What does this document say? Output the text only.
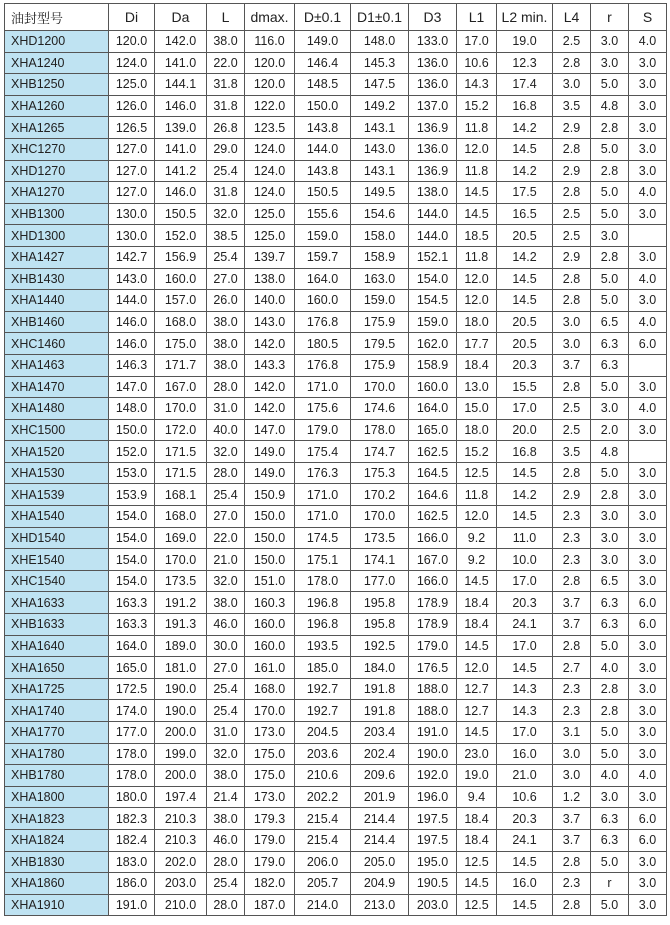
油封型号	Di	Da	L	dmax.	D±0.1	D1±0.1	D3	L1	L2 min.	L4	r	S
XHD1200	120.0	142.0	38.0	116.0	149.0	148.0	133.0	17.0	19.0	2.5	3.0	4.0
XHA1240	124.0	141.0	22.0	120.0	146.4	145.3	136.0	10.6	12.3	2.8	3.0	3.0
XHB1250	125.0	144.1	31.8	120.0	148.5	147.5	136.0	14.3	17.4	3.0	5.0	3.0
XHA1260	126.0	146.0	31.8	122.0	150.0	149.2	137.0	15.2	16.8	3.5	4.8	3.0
XHA1265	126.5	139.0	26.8	123.5	143.8	143.1	136.9	11.8	14.2	2.9	2.8	3.0
XHC1270	127.0	141.0	29.0	124.0	144.0	143.0	136.0	12.0	14.5	2.8	5.0	3.0
XHD1270	127.0	141.2	25.4	124.0	143.8	143.1	136.9	11.8	14.2	2.9	2.8	3.0
XHA1270	127.0	146.0	31.8	124.0	150.5	149.5	138.0	14.5	17.5	2.8	5.0	4.0
XHB1300	130.0	150.5	32.0	125.0	155.6	154.6	144.0	14.5	16.5	2.5	5.0	3.0
XHD1300	130.0	152.0	38.5	125.0	159.0	158.0	144.0	18.5	20.5	2.5	3.0	
XHA1427	142.7	156.9	25.4	139.7	159.7	158.9	152.1	11.8	14.2	2.9	2.8	3.0
XHB1430	143.0	160.0	27.0	138.0	164.0	163.0	154.0	12.0	14.5	2.8	5.0	4.0
XHA1440	144.0	157.0	26.0	140.0	160.0	159.0	154.5	12.0	14.5	2.8	5.0	3.0
XHB1460	146.0	168.0	38.0	143.0	176.8	175.9	159.0	18.0	20.5	3.0	6.5	4.0
XHC1460	146.0	175.0	38.0	142.0	180.5	179.5	162.0	17.7	20.5	3.0	6.3	6.0
XHA1463	146.3	171.7	38.0	143.3	176.8	175.9	158.9	18.4	20.3	3.7	6.3	
XHA1470	147.0	167.0	28.0	142.0	171.0	170.0	160.0	13.0	15.5	2.8	5.0	3.0
XHA1480	148.0	170.0	31.0	142.0	175.6	174.6	164.0	15.0	17.0	2.5	3.0	4.0
XHC1500	150.0	172.0	40.0	147.0	179.0	178.0	165.0	18.0	20.0	2.5	2.0	3.0
XHA1520	152.0	171.5	32.0	149.0	175.4	174.7	162.5	15.2	16.8	3.5	4.8	
XHA1530	153.0	171.5	28.0	149.0	176.3	175.3	164.5	12.5	14.5	2.8	5.0	3.0
XHA1539	153.9	168.1	25.4	150.9	171.0	170.2	164.6	11.8	14.2	2.9	2.8	3.0
XHA1540	154.0	168.0	27.0	150.0	171.0	170.0	162.5	12.0	14.5	2.3	3.0	3.0
XHD1540	154.0	169.0	22.0	150.0	174.5	173.5	166.0	9.2	11.0	2.3	3.0	3.0
XHE1540	154.0	170.0	21.0	150.0	175.1	174.1	167.0	9.2	10.0	2.3	3.0	3.0
XHC1540	154.0	173.5	32.0	151.0	178.0	177.0	166.0	14.5	17.0	2.8	6.5	3.0
XHA1633	163.3	191.2	38.0	160.3	196.8	195.8	178.9	18.4	20.3	3.7	6.3	6.0
XHB1633	163.3	191.3	46.0	160.0	196.8	195.8	178.9	18.4	24.1	3.7	6.3	6.0
XHA1640	164.0	189.0	30.0	160.0	193.5	192.5	179.0	14.5	17.0	2.8	5.0	3.0
XHA1650	165.0	181.0	27.0	161.0	185.0	184.0	176.5	12.0	14.5	2.7	4.0	3.0
XHA1725	172.5	190.0	25.4	168.0	192.7	191.8	188.0	12.7	14.3	2.3	2.8	3.0
XHA1740	174.0	190.0	25.4	170.0	192.7	191.8	188.0	12.7	14.3	2.3	2.8	3.0
XHA1770	177.0	200.0	31.0	173.0	204.5	203.4	191.0	14.5	17.0	3.1	5.0	3.0
XHA1780	178.0	199.0	32.0	175.0	203.6	202.4	190.0	23.0	16.0	3.0	5.0	3.0
XHB1780	178.0	200.0	38.0	175.0	210.6	209.6	192.0	19.0	21.0	3.0	4.0	4.0
XHA1800	180.0	197.4	21.4	173.0	202.2	201.9	196.0	9.4	10.6	1.2	3.0	3.0
XHA1823	182.3	210.3	38.0	179.3	215.4	214.4	197.5	18.4	20.3	3.7	6.3	6.0
XHA1824	182.4	210.3	46.0	179.0	215.4	214.4	197.5	18.4	24.1	3.7	6.3	6.0
XHB1830	183.0	202.0	28.0	179.0	206.0	205.0	195.0	12.5	14.5	2.8	5.0	3.0
XHA1860	186.0	203.0	25.4	182.0	205.7	204.9	190.5	14.5	16.0	2.3	r	3.0
XHA1910	191.0	210.0	28.0	187.0	214.0	213.0	203.0	12.5	14.5	2.8	5.0	3.0
